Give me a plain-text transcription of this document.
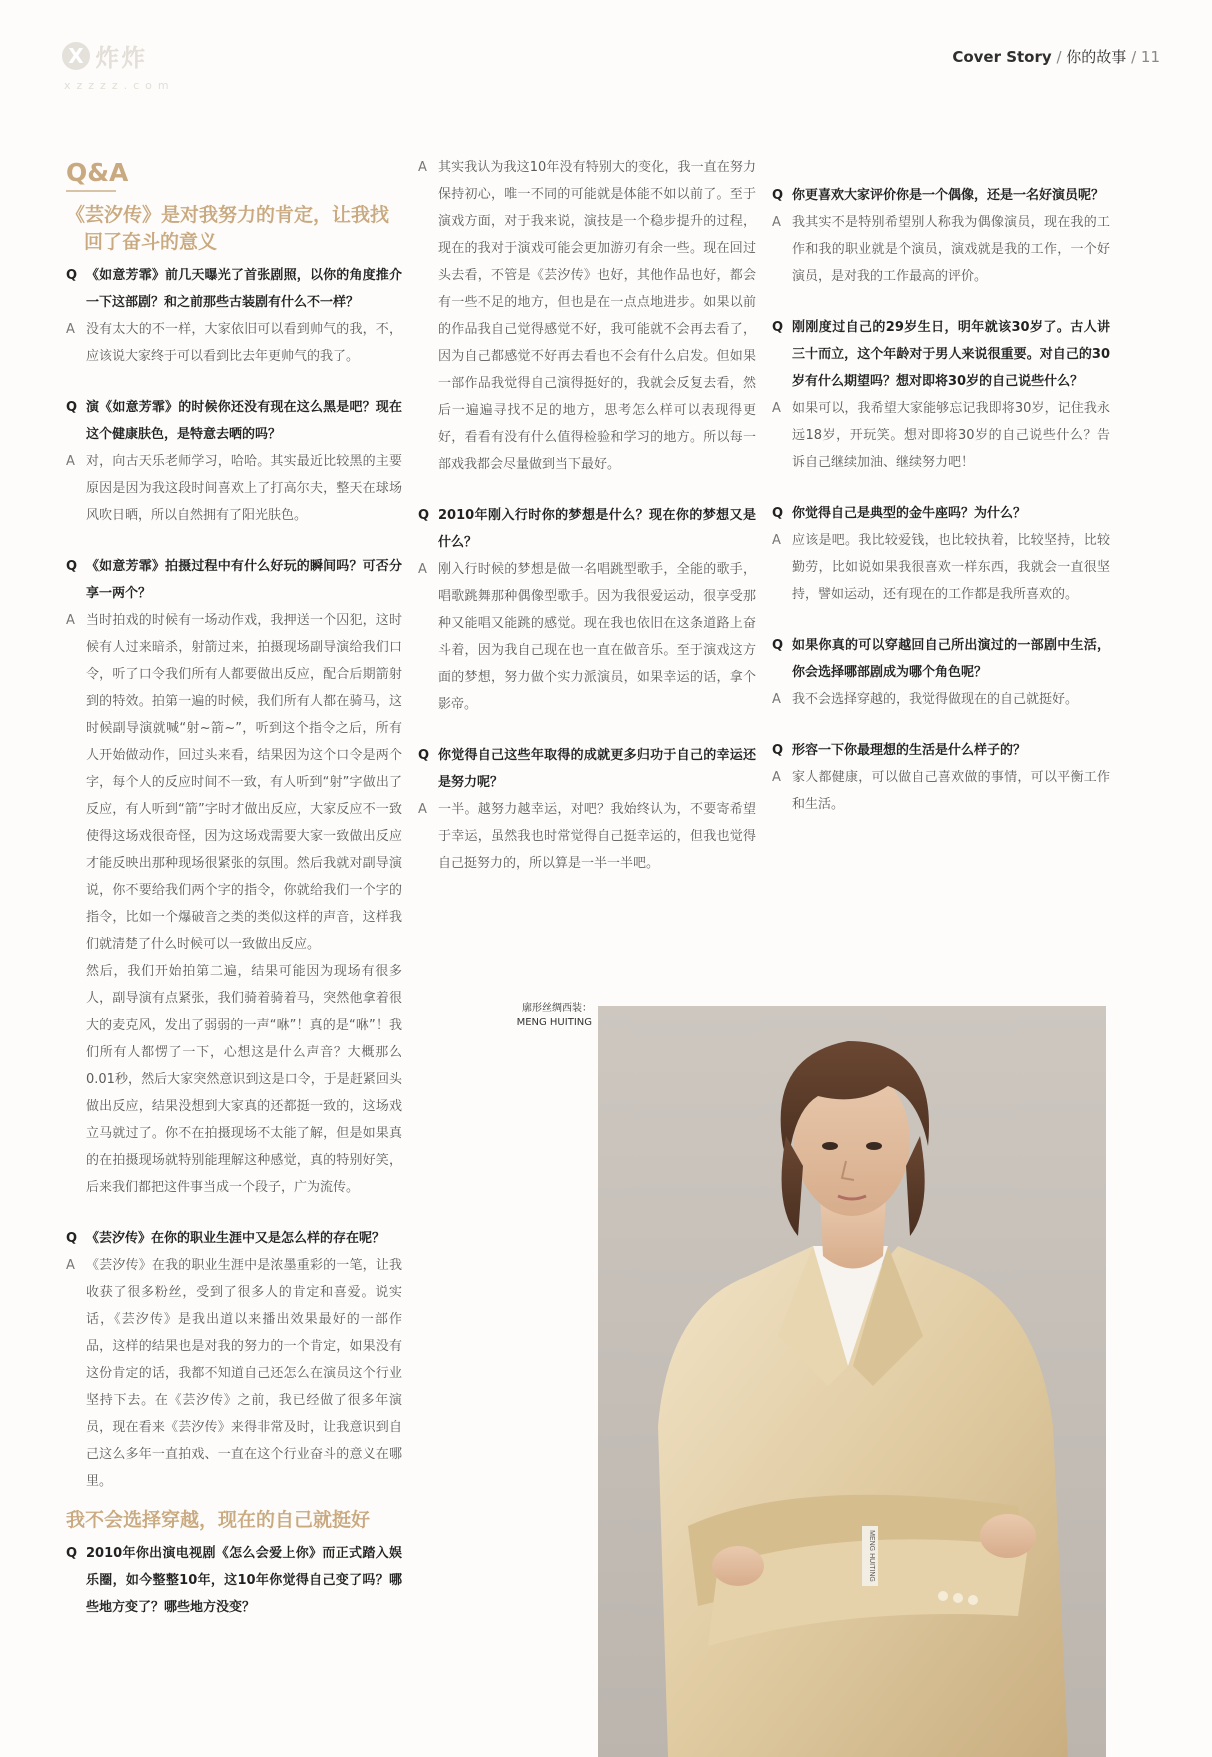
X 炸炸
xzzzz.com
Cover Story / 你的故事 / 11
Q&A
《芸汐传》是对我努力的肯定，让我找回了奋斗的意义
Q 《如意芳霏》前几天曝光了首张剧照，以你的角度推介一下这部剧？和之前那些古装剧有什么不一样？
A 没有太大的不一样，大家依旧可以看到帅气的我，不，应该说大家终于可以看到比去年更帅气的我了。
Q 演《如意芳霏》的时候你还没有现在这么黑是吧？现在这个健康肤色，是特意去晒的吗？
A 对，向古天乐老师学习，哈哈。其实最近比较黑的主要原因是因为我这段时间喜欢上了打高尔夫，整天在球场风吹日晒，所以自然拥有了阳光肤色。
Q 《如意芳霏》拍摄过程中有什么好玩的瞬间吗？可否分享一两个？
A 当时拍戏的时候有一场动作戏，我押送一个囚犯，这时候有人过来暗杀，射箭过来，拍摄现场副导演给我们口令，听了口令我们所有人都要做出反应，配合后期箭射到的特效。拍第一遍的时候，我们所有人都在骑马，这时候副导演就喊“射~箭~”，听到这个指令之后，所有人开始做动作，回过头来看，结果因为这个口令是两个字，每个人的反应时间不一致，有人听到“射”字做出了反应，有人听到“箭”字时才做出反应，大家反应不一致使得这场戏很奇怪，因为这场戏需要大家一致做出反应才能反映出那种现场很紧张的氛围。然后我就对副导演说，你不要给我们两个字的指令，你就给我们一个字的指令，比如一个爆破音之类的类似这样的声音，这样我们就清楚了什么时候可以一致做出反应。
然后，我们开始拍第二遍，结果可能因为现场有很多人，副导演有点紧张，我们骑着骑着马，突然他拿着很大的麦克风，发出了弱弱的一声“咻”！真的是“咻”！我们所有人都愣了一下，心想这是什么声音？大概那么0.01秒，然后大家突然意识到这是口令，于是赶紧回头做出反应，结果没想到大家真的还都挺一致的，这场戏立马就过了。你不在拍摄现场不太能了解，但是如果真的在拍摄现场就特别能理解这种感觉，真的特别好笑，后来我们都把这件事当成一个段子，广为流传。
Q 《芸汐传》在你的职业生涯中又是怎么样的存在呢？
A 《芸汐传》在我的职业生涯中是浓墨重彩的一笔，让我收获了很多粉丝，受到了很多人的肯定和喜爱。说实话，《芸汐传》是我出道以来播出效果最好的一部作品，这样的结果也是对我的努力的一个肯定，如果没有这份肯定的话，我都不知道自己还怎么在演员这个行业坚持下去。在《芸汐传》之前，我已经做了很多年演员，现在看来《芸汐传》来得非常及时，让我意识到自己这么多年一直拍戏、一直在这个行业奋斗的意义在哪里。
我不会选择穿越，现在的自己就挺好
Q 2010年你出演电视剧《怎么会爱上你》而正式踏入娱乐圈，如今整整10年，这10年你觉得自己变了吗？哪些地方变了？哪些地方没变？
A 其实我认为我这10年没有特别大的变化，我一直在努力保持初心，唯一不同的可能就是体能不如以前了。至于演戏方面，对于我来说，演技是一个稳步提升的过程，现在的我对于演戏可能会更加游刃有余一些。现在回过头去看，不管是《芸汐传》也好，其他作品也好，都会有一些不足的地方，但也是在一点点地进步。如果以前的作品我自己觉得感觉不好，我可能就不会再去看了，因为自己都感觉不好再去看也不会有什么启发。但如果一部作品我觉得自己演得挺好的，我就会反复去看，然后一遍遍寻找不足的地方，思考怎么样可以表现得更好，看看有没有什么值得检验和学习的地方。所以每一部戏我都会尽量做到当下最好。
Q 2010年刚入行时你的梦想是什么？现在你的梦想又是什么？
A 刚入行时候的梦想是做一名唱跳型歌手，全能的歌手，唱歌跳舞那种偶像型歌手。因为我很爱运动，很享受那种又能唱又能跳的感觉。现在我也依旧在这条道路上奋斗着，因为我自己现在也一直在做音乐。至于演戏这方面的梦想，努力做个实力派演员，如果幸运的话，拿个影帝。
Q 你觉得自己这些年取得的成就更多归功于自己的幸运还是努力呢？
A 一半。越努力越幸运，对吧？我始终认为，不要寄希望于幸运，虽然我也时常觉得自己挺幸运的，但我也觉得自己挺努力的，所以算是一半一半吧。
Q 你更喜欢大家评价你是一个偶像，还是一名好演员呢？
A 我其实不是特别希望别人称我为偶像演员，现在我的工作和我的职业就是个演员，演戏就是我的工作，一个好演员，是对我的工作最高的评价。
Q 刚刚度过自己的29岁生日，明年就该30岁了。古人讲三十而立，这个年龄对于男人来说很重要。对自己的30岁有什么期望吗？想对即将30岁的自己说些什么？
A 如果可以，我希望大家能够忘记我即将30岁，记住我永远18岁，开玩笑。想对即将30岁的自己说些什么？告诉自己继续加油、继续努力吧！
Q 你觉得自己是典型的金牛座吗？为什么？
A 应该是吧。我比较爱钱，也比较执着，比较坚持，比较勤劳，比如说如果我很喜欢一样东西，我就会一直很坚持，譬如运动，还有现在的工作都是我所喜欢的。
Q 如果你真的可以穿越回自己所出演过的一部剧中生活，你会选择哪部剧成为哪个角色呢？
A 我不会选择穿越的，我觉得做现在的自己就挺好。
Q 形容一下你最理想的生活是什么样子的？
A 家人都健康，可以做自己喜欢做的事情，可以平衡工作和生活。
廓形丝绸西装：
MENG HUITING
MENG HUITING
